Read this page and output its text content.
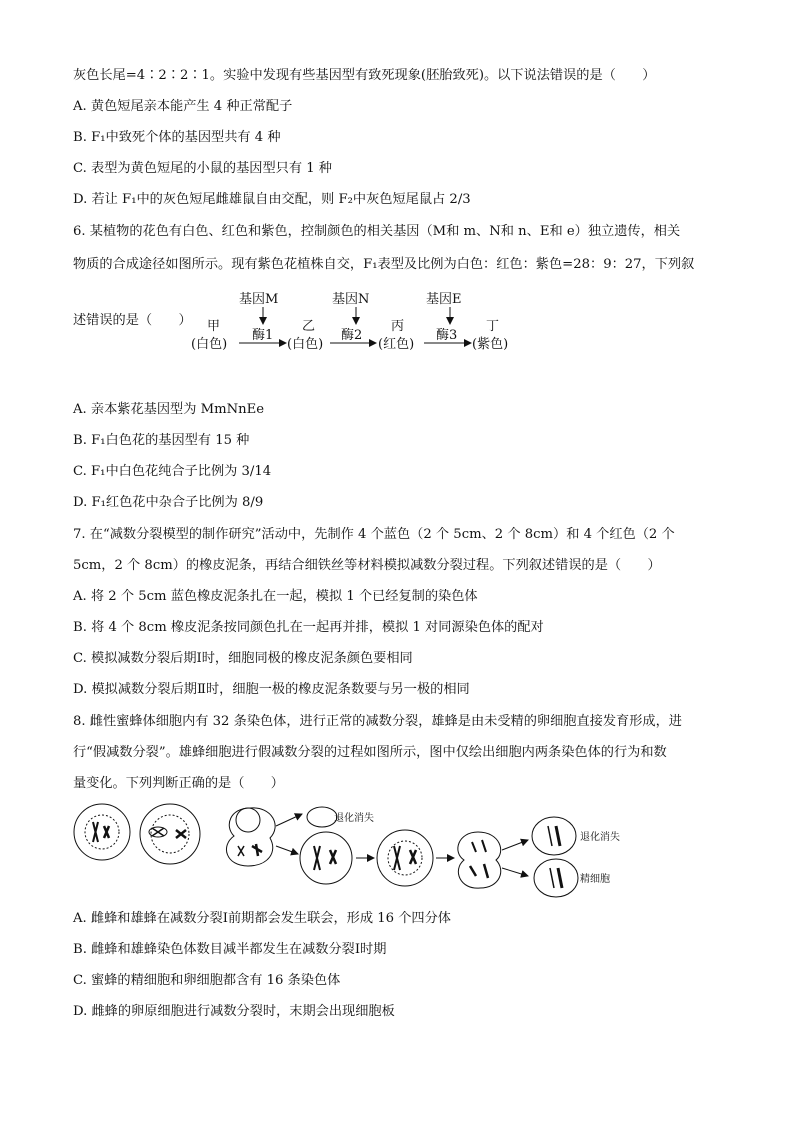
灰色长尾=4∶2∶2∶1。实验中发现有些基因型有致死现象(胚胎致死)。以下说法错误的是（　　）
A. 黄色短尾亲本能产生 4 种正常配子
B. F₁中致死个体的基因型共有 4 种
C. 表型为黄色短尾的小鼠的基因型只有 1 种
D. 若让 F₁中的灰色短尾雌雄鼠自由交配，则 F₂中灰色短尾鼠占 2/3
6. 某植物的花色有白色、红色和紫色，控制颜色的相关基因（M和 m、N和 n、E和 e）独立遗传，相关
物质的合成途径如图所示。现有紫色花植株自交，F₁表型及比例为白色：红色：紫色=28：9：27，下列叙
述错误的是（　　）
基因M	基因N	基因E
甲	乙	丙	丁
酶1	酶2	酶3
(白色)	(白色)	(红色)	(紫色)
退化消失
退化消失
精细胞
A. 亲本紫花基因型为 MmNnEe
B. F₁白色花的基因型有 15 种
C. F₁中白色花纯合子比例为 3/14
D. F₁红色花中杂合子比例为 8/9
7. 在“减数分裂模型的制作研究”活动中，先制作 4 个蓝色（2 个 5cm、2 个 8cm）和 4 个红色（2 个
5cm，2 个 8cm）的橡皮泥条，再结合细铁丝等材料模拟减数分裂过程。下列叙述错误的是（　　）
A. 将 2 个 5cm 蓝色橡皮泥条扎在一起，模拟 1 个已经复制的染色体
B. 将 4 个 8cm 橡皮泥条按同颜色扎在一起再并排，模拟 1 对同源染色体的配对
C. 模拟减数分裂后期Ⅰ时，细胞同极的橡皮泥条颜色要相同
D. 模拟减数分裂后期Ⅱ时，细胞一极的橡皮泥条数要与另一极的相同
8. 雌性蜜蜂体细胞内有 32 条染色体，进行正常的减数分裂，雄蜂是由未受精的卵细胞直接发育形成，进
行“假减数分裂”。雄蜂细胞进行假减数分裂的过程如图所示，图中仅绘出细胞内两条染色体的行为和数
量变化。下列判断正确的是（　　）
A. 雌蜂和雄蜂在减数分裂Ⅰ前期都会发生联会，形成 16 个四分体
B. 雌蜂和雄蜂染色体数目减半都发生在减数分裂Ⅰ时期
C. 蜜蜂的精细胞和卵细胞都含有 16 条染色体
D. 雌蜂的卵原细胞进行减数分裂时，末期会出现细胞板
